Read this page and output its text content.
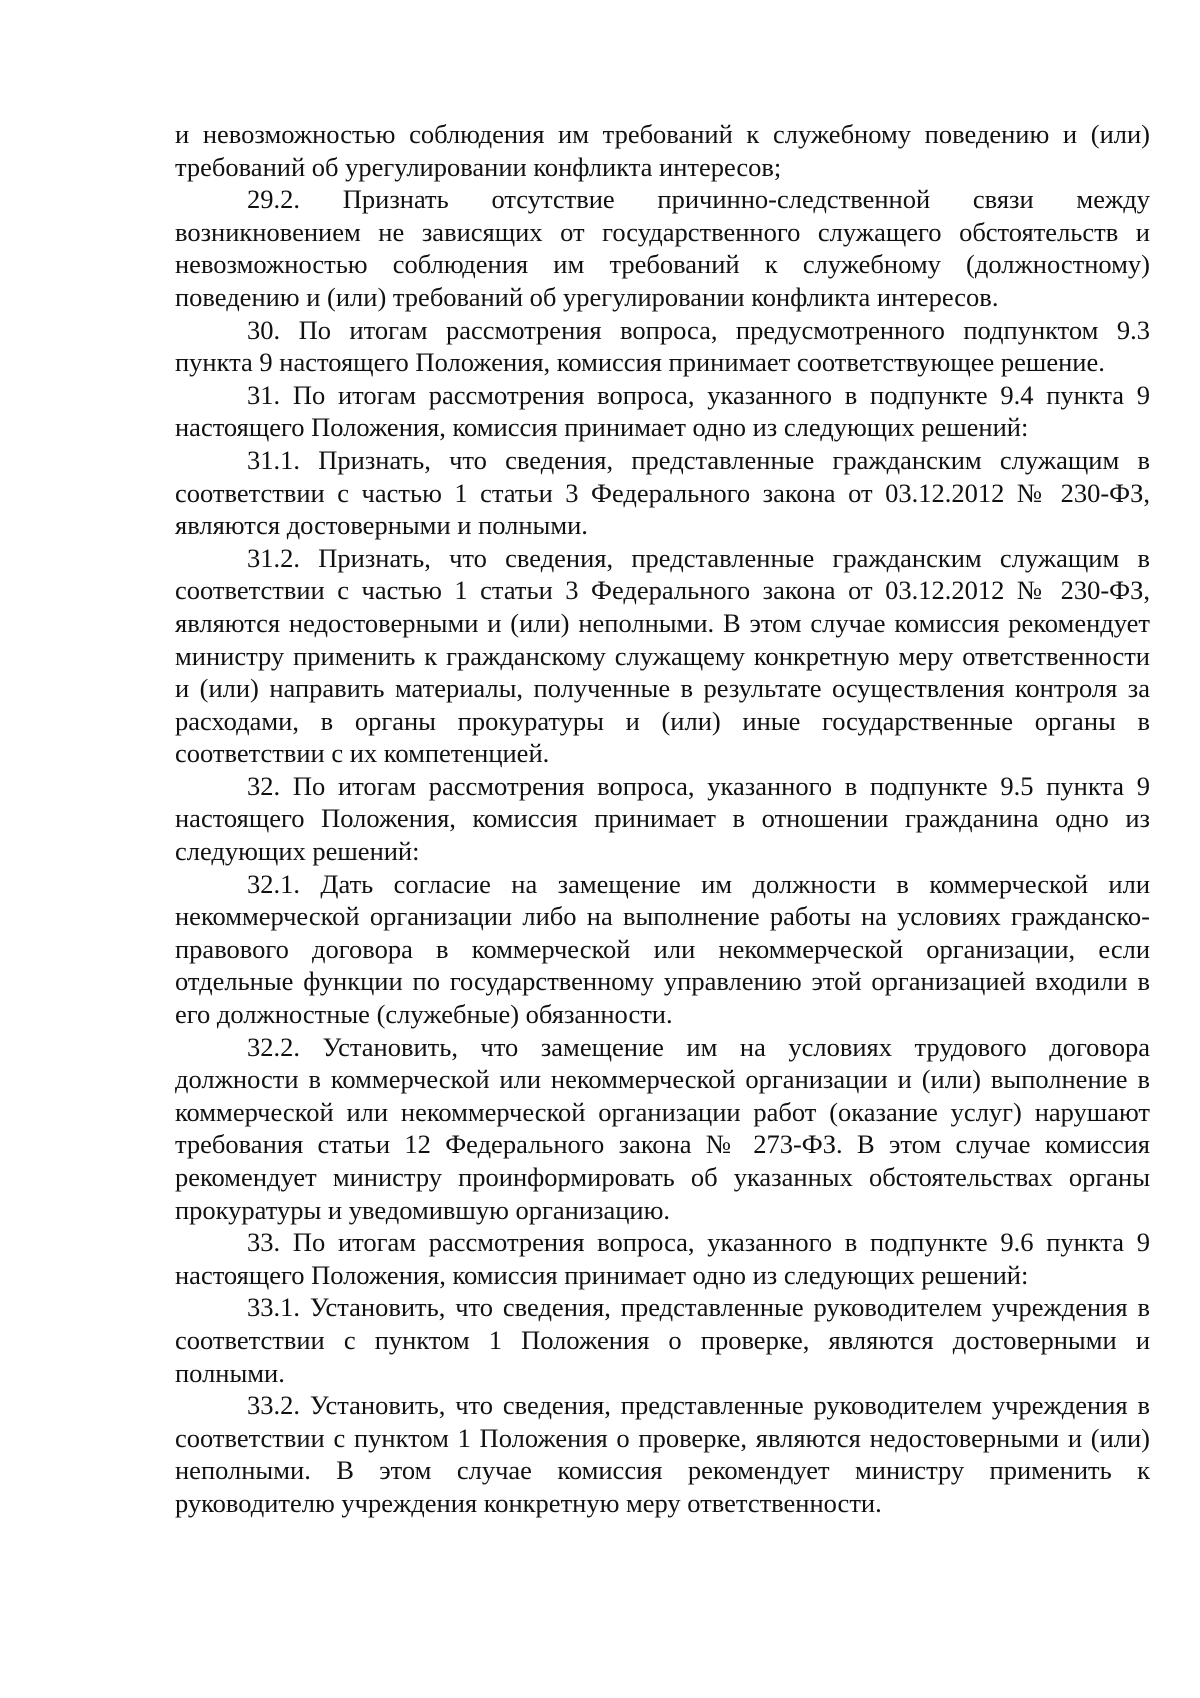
и невозможностью соблюдения им требований к служебному поведению и (или) требований об урегулировании конфликта интересов;

29.2. Признать отсутствие причинно-следственной связи между возникновением не зависящих от государственного служащего обстоятельств и невозможностью соблюдения им требований к служебному (должностному) поведению и (или) требований об урегулировании конфликта интересов.

30. По итогам рассмотрения вопроса, предусмотренного подпунктом 9.3 пункта 9 настоящего Положения, комиссия принимает соответствующее решение.

31. По итогам рассмотрения вопроса, указанного в подпункте 9.4 пункта 9 настоящего Положения, комиссия принимает одно из следующих решений:

31.1. Признать, что сведения, представленные гражданским служащим в соответствии с частью 1 статьи 3 Федерального закона от 03.12.2012 № 230-ФЗ, являются достоверными и полными.

31.2. Признать, что сведения, представленные гражданским служащим в соответствии с частью 1 статьи 3 Федерального закона от 03.12.2012 № 230-ФЗ, являются недостоверными и (или) неполными. В этом случае комиссия рекомендует министру применить к гражданскому служащему конкретную меру ответственности и (или) направить материалы, полученные в результате осуществления контроля за расходами, в органы прокуратуры и (или) иные государственные органы в соответствии с их компетенцией.

32. По итогам рассмотрения вопроса, указанного в подпункте 9.5 пункта 9 настоящего Положения, комиссия принимает в отношении гражданина одно из следующих решений:

32.1. Дать согласие на замещение им должности в коммерческой или некоммерческой организации либо на выполнение работы на условиях гражданско-правового договора в коммерческой или некоммерческой организации, если отдельные функции по государственному управлению этой организацией входили в его должностные (служебные) обязанности.

32.2. Установить, что замещение им на условиях трудового договора должности в коммерческой или некоммерческой организации и (или) выполнение в коммерческой или некоммерческой организации работ (оказание услуг) нарушают требования статьи 12 Федерального закона № 273-ФЗ. В этом случае комиссия рекомендует министру проинформировать об указанных обстоятельствах органы прокуратуры и уведомившую организацию.

33. По итогам рассмотрения вопроса, указанного в подпункте 9.6 пункта 9 настоящего Положения, комиссия принимает одно из следующих решений:

33.1. Установить, что сведения, представленные руководителем учреждения в соответствии с пунктом 1 Положения о проверке, являются достоверными и полными.

33.2. Установить, что сведения, представленные руководителем учреждения в соответствии с пунктом 1 Положения о проверке, являются недостоверными и (или) неполными. В этом случае комиссия рекомендует министру применить к руководителю учреждения конкретную меру ответственности.
